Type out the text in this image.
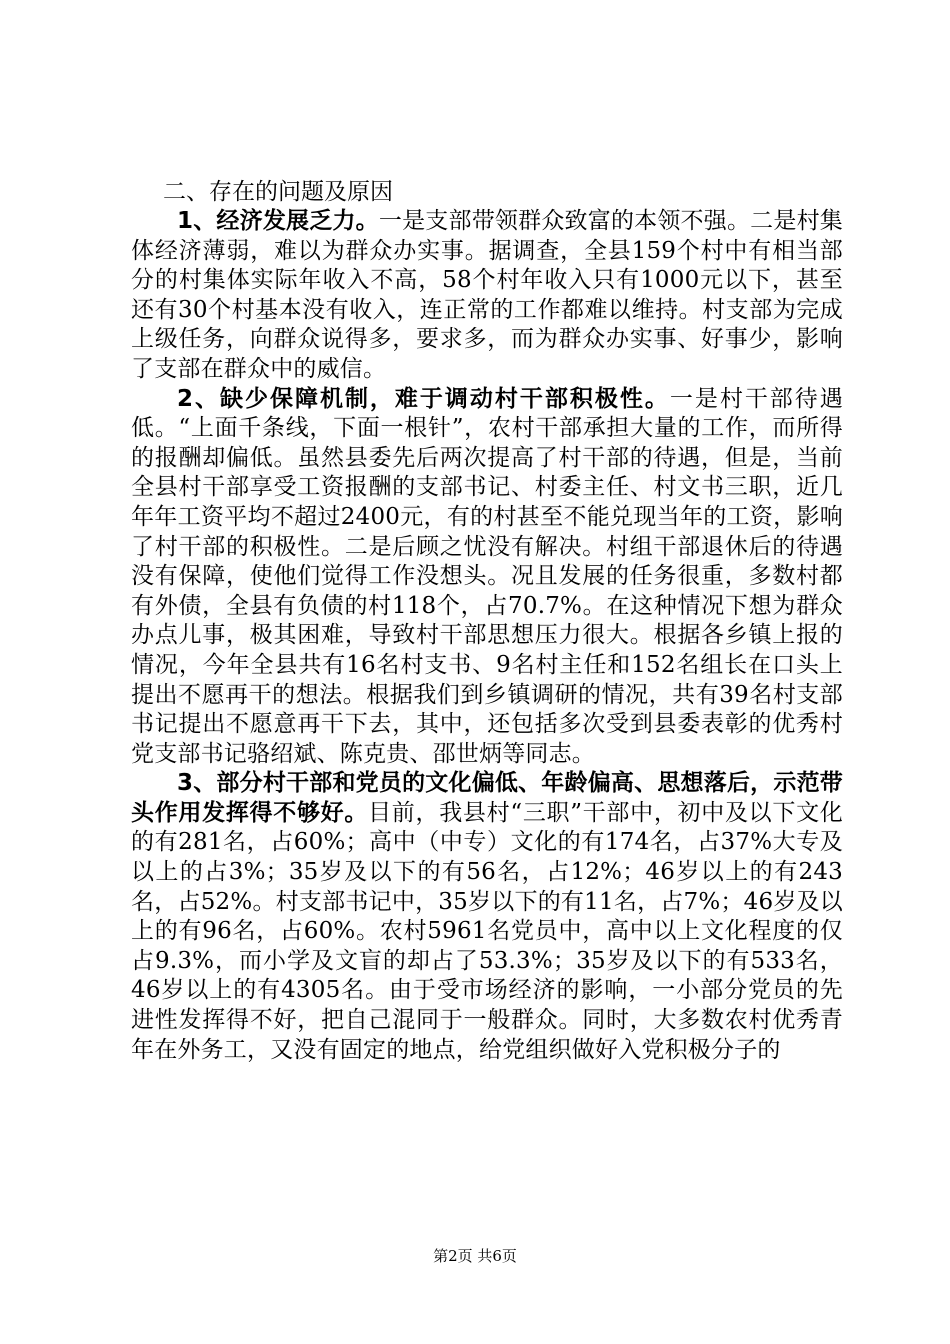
二、存在的问题及原因

1、经济发展乏力。一是支部带领群众致富的本领不强。二是村集体经济薄弱，难以为群众办实事。据调查，全县159个村中有相当部分的村集体实际年收入不高，58个村年收入只有1000元以下，甚至还有30个村基本没有收入，连正常的工作都难以维持。村支部为完成上级任务，向群众说得多，要求多，而为群众办实事、好事少，影响了支部在群众中的威信。

2、缺少保障机制，难于调动村干部积极性。一是村干部待遇低。“上面千条线，下面一根针”，农村干部承担大量的工作，而所得的报酬却偏低。虽然县委先后两次提高了村干部的待遇，但是，当前全县村干部享受工资报酬的支部书记、村委主任、村文书三职，近几年年工资平均不超过2400元，有的村甚至不能兑现当年的工资，影响了村干部的积极性。二是后顾之忧没有解决。村组干部退休后的待遇没有保障，使他们觉得工作没想头。况且发展的任务很重，多数村都有外债，全县有负债的村118个，占70.7%。在这种情况下想为群众办点儿事，极其困难，导致村干部思想压力很大。根据各乡镇上报的情况，今年全县共有16名村支书、9名村主任和152名组长在口头上提出不愿再干的想法。根据我们到乡镇调研的情况，共有39名村支部书记提出不愿意再干下去，其中，还包括多次受到县委表彰的优秀村党支部书记骆绍斌、陈克贵、邵世炳等同志。

3、部分村干部和党员的文化偏低、年龄偏高、思想落后，示范带头作用发挥得不够好。目前，我县村“三职”干部中，初中及以下文化的有281名，占60%；高中（中专）文化的有174名，占37%大专及以上的占3%；35岁及以下的有56名，占12%；46岁以上的有243名，占52%。村支部书记中，35岁以下的有11名，占7%；46岁及以上的有96名，占60%。农村5961名党员中，高中以上文化程度的仅占9.3%，而小学及文盲的却占了53.3%；35岁及以下的有533名，46岁以上的有4305名。由于受市场经济的影响，一小部分党员的先进性发挥得不好，把自己混同于一般群众。同时，大多数农村优秀青年在外务工，又没有固定的地点，给党组织做好入党积极分子的

第2页 共6页
